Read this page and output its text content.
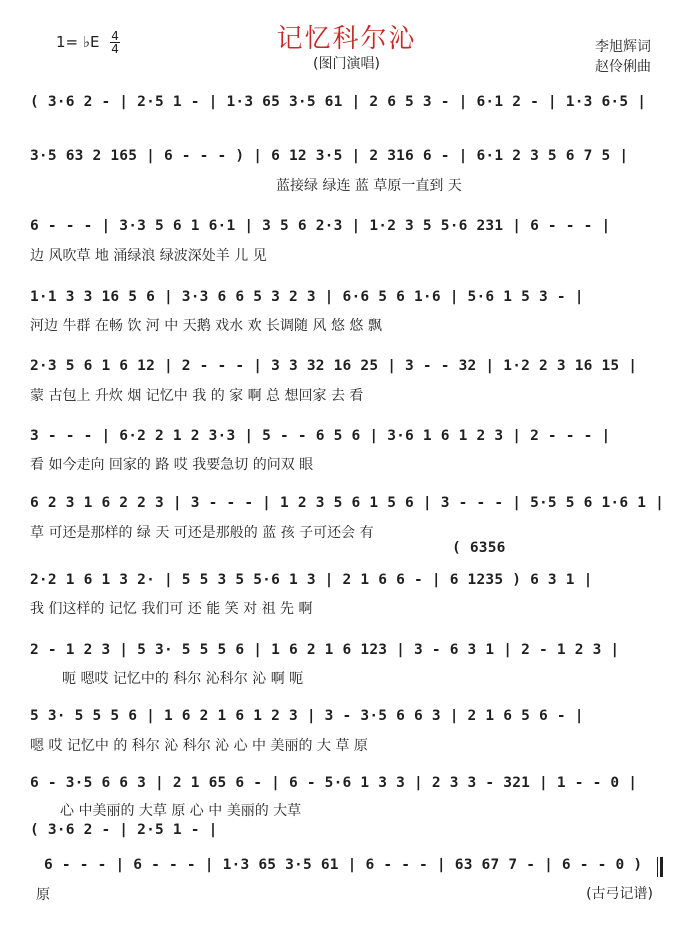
1= ♭E $\frac{4}{4}$	记忆科尔沁
(图门演唱)
李旭辉词
赵伶俐曲
( 3·6 2 - | 2·5 1 - | 1·3 65 3·5 61 | 2 6 5 3 - | 6·1 2 - | 1·3 6·5 |
3·5 63 2 165 | 6 - - - ) | 6 12 3·5 | 2 316 6 - | 6·1 2 3 5 6 7 5 |
蓝接绿 绿连 蓝 草原一直到 天
6 - - - | 3·3 5 6 1 6·1 | 3 5 6 2·3 | 1·2 3 5 5·6 231 | 6 - - - |
边 风吹草 地 涌绿浪 绿波深处羊 儿 见
1·1 3 3 16 5 6 | 3·3 6 6 5 3 2 3 | 6·6 5 6 1·6 | 5·6 1 5 3 - |
河边 牛群 在畅 饮 河 中 天鹅 戏水 欢 长调随 风 悠 悠 飘
2·3 5 6 1 6 12 | 2 - - - | 3 3 32 16 25 | 3 - - 32 | 1·2 2 3 16 15 |
蒙 古包上 升炊 烟 记忆中 我 的 家 啊 总 想回家 去 看
3 - - - | 6·2 2 1 2 3·3 | 5 - - 6 5 6 | 3·6 1 6 1 2 3 | 2 - - - |
看 如今走向 回家的 路 哎 我要急切 的问双 眼
6 2 3 1 6 2 2 3 | 3 - - - | 1 2 3 5 6 1 5 6 | 3 - - - | 5·5 5 6 1·6 1 |
草 可还是那样的 绿 天 可还是那般的 蓝 孩 子可还会 有
( 6356
2·2 1 6 1 3 2· | 5 5 3 5 5·6 1 3 | 2 1 6 6 - | 6 1235 ) 6 3 1 |
我 们这样的 记忆 我们可 还 能 笑 对 祖 先 啊
2 - 1 2 3 | 5 3· 5 5 5 6 | 1 6 2 1 6 123 | 3 - 6 3 1 | 2 - 1 2 3 |
呃 嗯哎 记忆中的 科尔 沁科尔 沁 啊 呃
5 3· 5 5 5 6 | 1 6 2 1 6 1 2 3 | 3 - 3·5 6 6 3 | 2 1 6 5 6 - |
嗯 哎 记忆中 的 科尔 沁 科尔 沁 心 中 美丽的 大 草 原
6 - 3·5 6 6 3 | 2 1 65 6 - | 6 - 5·6 1 3 3 | 2 3 3 - 321 | 1 - - 0 |
心 中美丽的 大草 原 心 中 美丽的 大草
( 3·6 2 - | 2·5 1 - |
6 - - - | 6 - - - | 1·3 65 3·5 61 | 6 - - - | 63 67 7 - | 6 - - 0 )
原	(古弓记谱)
